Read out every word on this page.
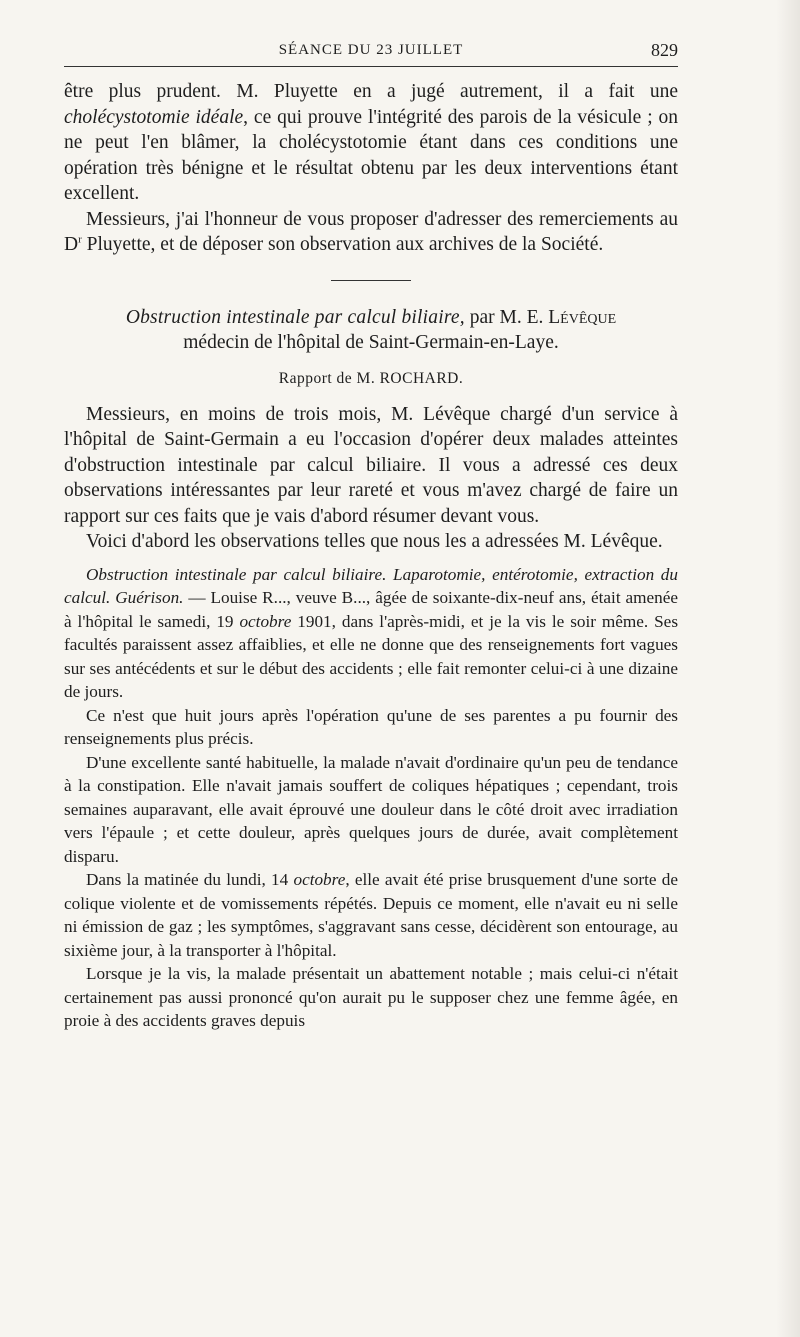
SÉANCE DU 23 JUILLET	829

être plus prudent. M. Pluyette en a jugé autrement, il a fait une cholécystotomie idéale, ce qui prouve l'intégrité des parois de la vésicule ; on ne peut l'en blâmer, la cholécystotomie étant dans ces conditions une opération très bénigne et le résultat obtenu par les deux interventions étant excellent.

Messieurs, j'ai l'honneur de vous proposer d'adresser des remerciements au $D^r$ Pluyette, et de déposer son observation aux archives de la Société.

Obstruction intestinale par calcul biliaire, par M. E. Lévêque
médecin de l'hôpital de Saint-Germain-en-Laye.
Rapport de M. ROCHARD.

Messieurs, en moins de trois mois, M. Lévêque chargé d'un service à l'hôpital de Saint-Germain a eu l'occasion d'opérer deux malades atteintes d'obstruction intestinale par calcul biliaire. Il vous a adressé ces deux observations intéressantes par leur rareté et vous m'avez chargé de faire un rapport sur ces faits que je vais d'abord résumer devant vous.

Voici d'abord les observations telles que nous les a adressées M. Lévêque.

Obstruction intestinale par calcul biliaire. Laparotomie, entérotomie, extraction du calcul. Guérison. — Louise R..., veuve B..., âgée de soixante-dix-neuf ans, était amenée à l'hôpital le samedi, 19 octobre 1901, dans l'après-midi, et je la vis le soir même. Ses facultés paraissent assez affaiblies, et elle ne donne que des renseignements fort vagues sur ses antécédents et sur le début des accidents ; elle fait remonter celui-ci à une dizaine de jours.

Ce n'est que huit jours après l'opération qu'une de ses parentes a pu fournir des renseignements plus précis.

D'une excellente santé habituelle, la malade n'avait d'ordinaire qu'un peu de tendance à la constipation. Elle n'avait jamais souffert de coliques hépatiques ; cependant, trois semaines auparavant, elle avait éprouvé une douleur dans le côté droit avec irradiation vers l'épaule ; et cette douleur, après quelques jours de durée, avait complètement disparu.

Dans la matinée du lundi, 14 octobre, elle avait été prise brusquement d'une sorte de colique violente et de vomissements répétés. Depuis ce moment, elle n'avait eu ni selle ni émission de gaz ; les symptômes, s'aggravant sans cesse, décidèrent son entourage, au sixième jour, à la transporter à l'hôpital.

Lorsque je la vis, la malade présentait un abattement notable ; mais celui-ci n'était certainement pas aussi prononcé qu'on aurait pu le supposer chez une femme âgée, en proie à des accidents graves depuis
